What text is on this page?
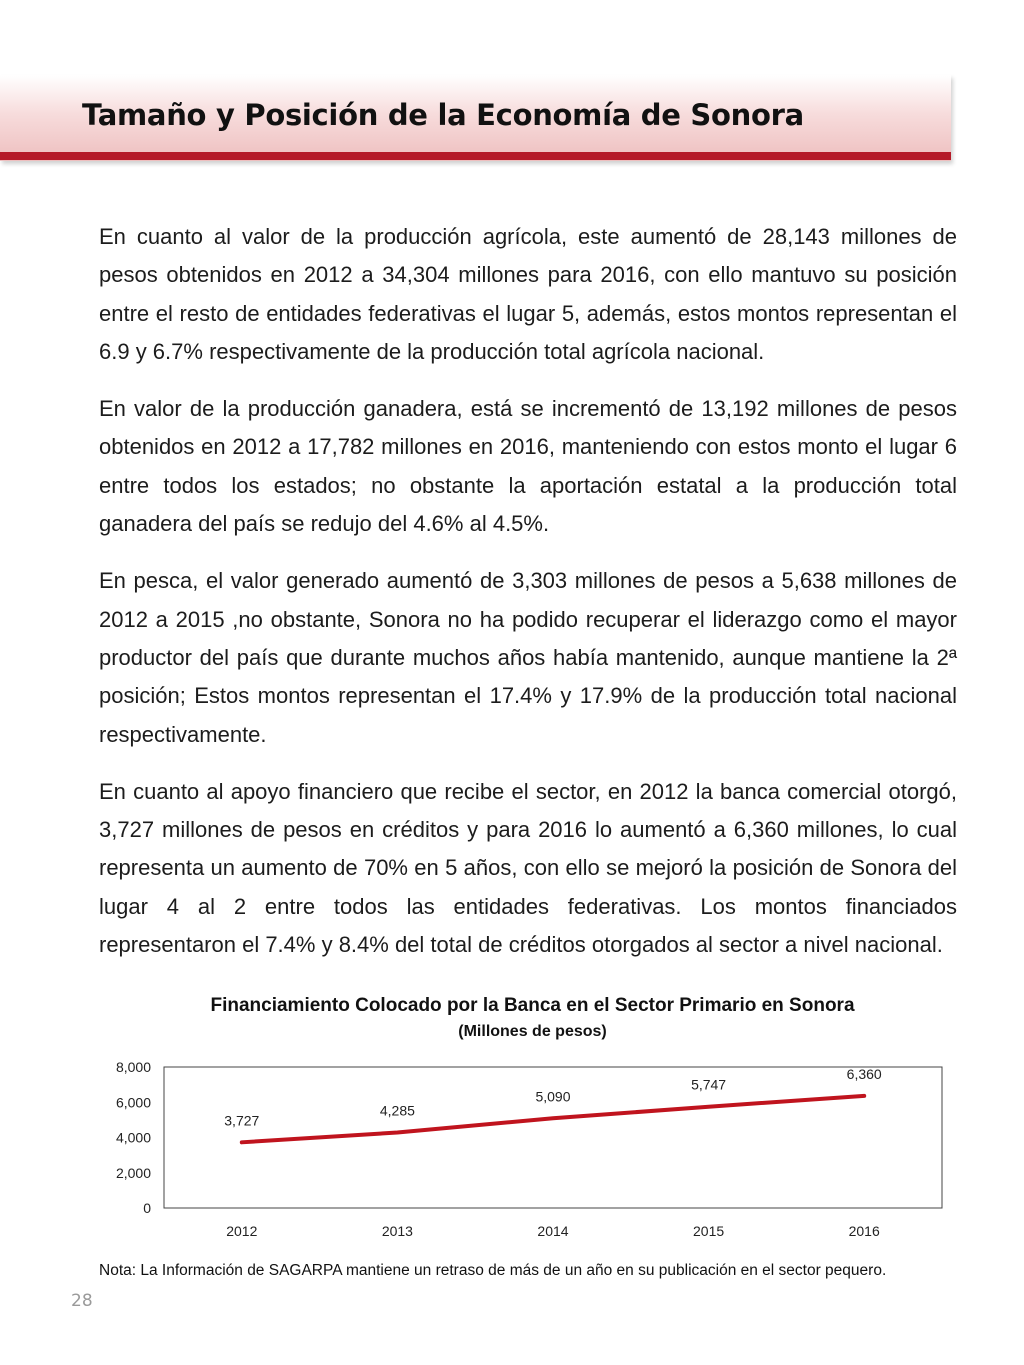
Tamaño y Posición de la Economía de Sonora

En cuanto al valor de la producción agrícola, este aumentó de 28,143 millones de pesos obtenidos en 2012 a 34,304 millones para 2016, con ello mantuvo su posición entre el resto de entidades federativas el lugar 5, además, estos montos representan el 6.9 y 6.7% respectivamente de la producción total agrícola nacional.

En valor de la producción ganadera, está se incrementó de 13,192 millones de pesos obtenidos en 2012 a 17,782 millones en 2016, manteniendo con estos monto el lugar 6 entre todos los estados; no obstante la aportación estatal a la producción total ganadera del país se redujo del 4.6% al 4.5%.

En pesca, el valor generado aumentó de 3,303 millones de pesos a 5,638 millones de 2012 a 2015 ,no obstante, Sonora no ha podido recuperar el liderazgo como el mayor productor del país que durante muchos años había mantenido, aunque mantiene la 2ª posición; Estos montos representan el 17.4% y 17.9% de la producción total nacional respectivamente.

En cuanto al apoyo financiero que recibe el sector, en 2012 la banca comercial otorgó, 3,727 millones de pesos en créditos y para 2016 lo aumentó a 6,360 millones, lo cual representa un aumento de 70% en 5 años, con ello se mejoró la posición de Sonora del lugar 4 al 2 entre todos las entidades federativas. Los montos financiados representaron el 7.4% y 8.4% del total de créditos otorgados al sector a nivel nacional.

Financiamiento Colocado por la Banca en el Sector Primario en Sonora
(Millones de pesos)
0
2,000
4,000
6,000
8,000
2012	2013	2014	2015	2016
3,727
4,285
5,090
5,747
6,360
Nota: La Información de SAGARPA mantiene un retraso de más de un año en su publicación en el sector pequero.
28
